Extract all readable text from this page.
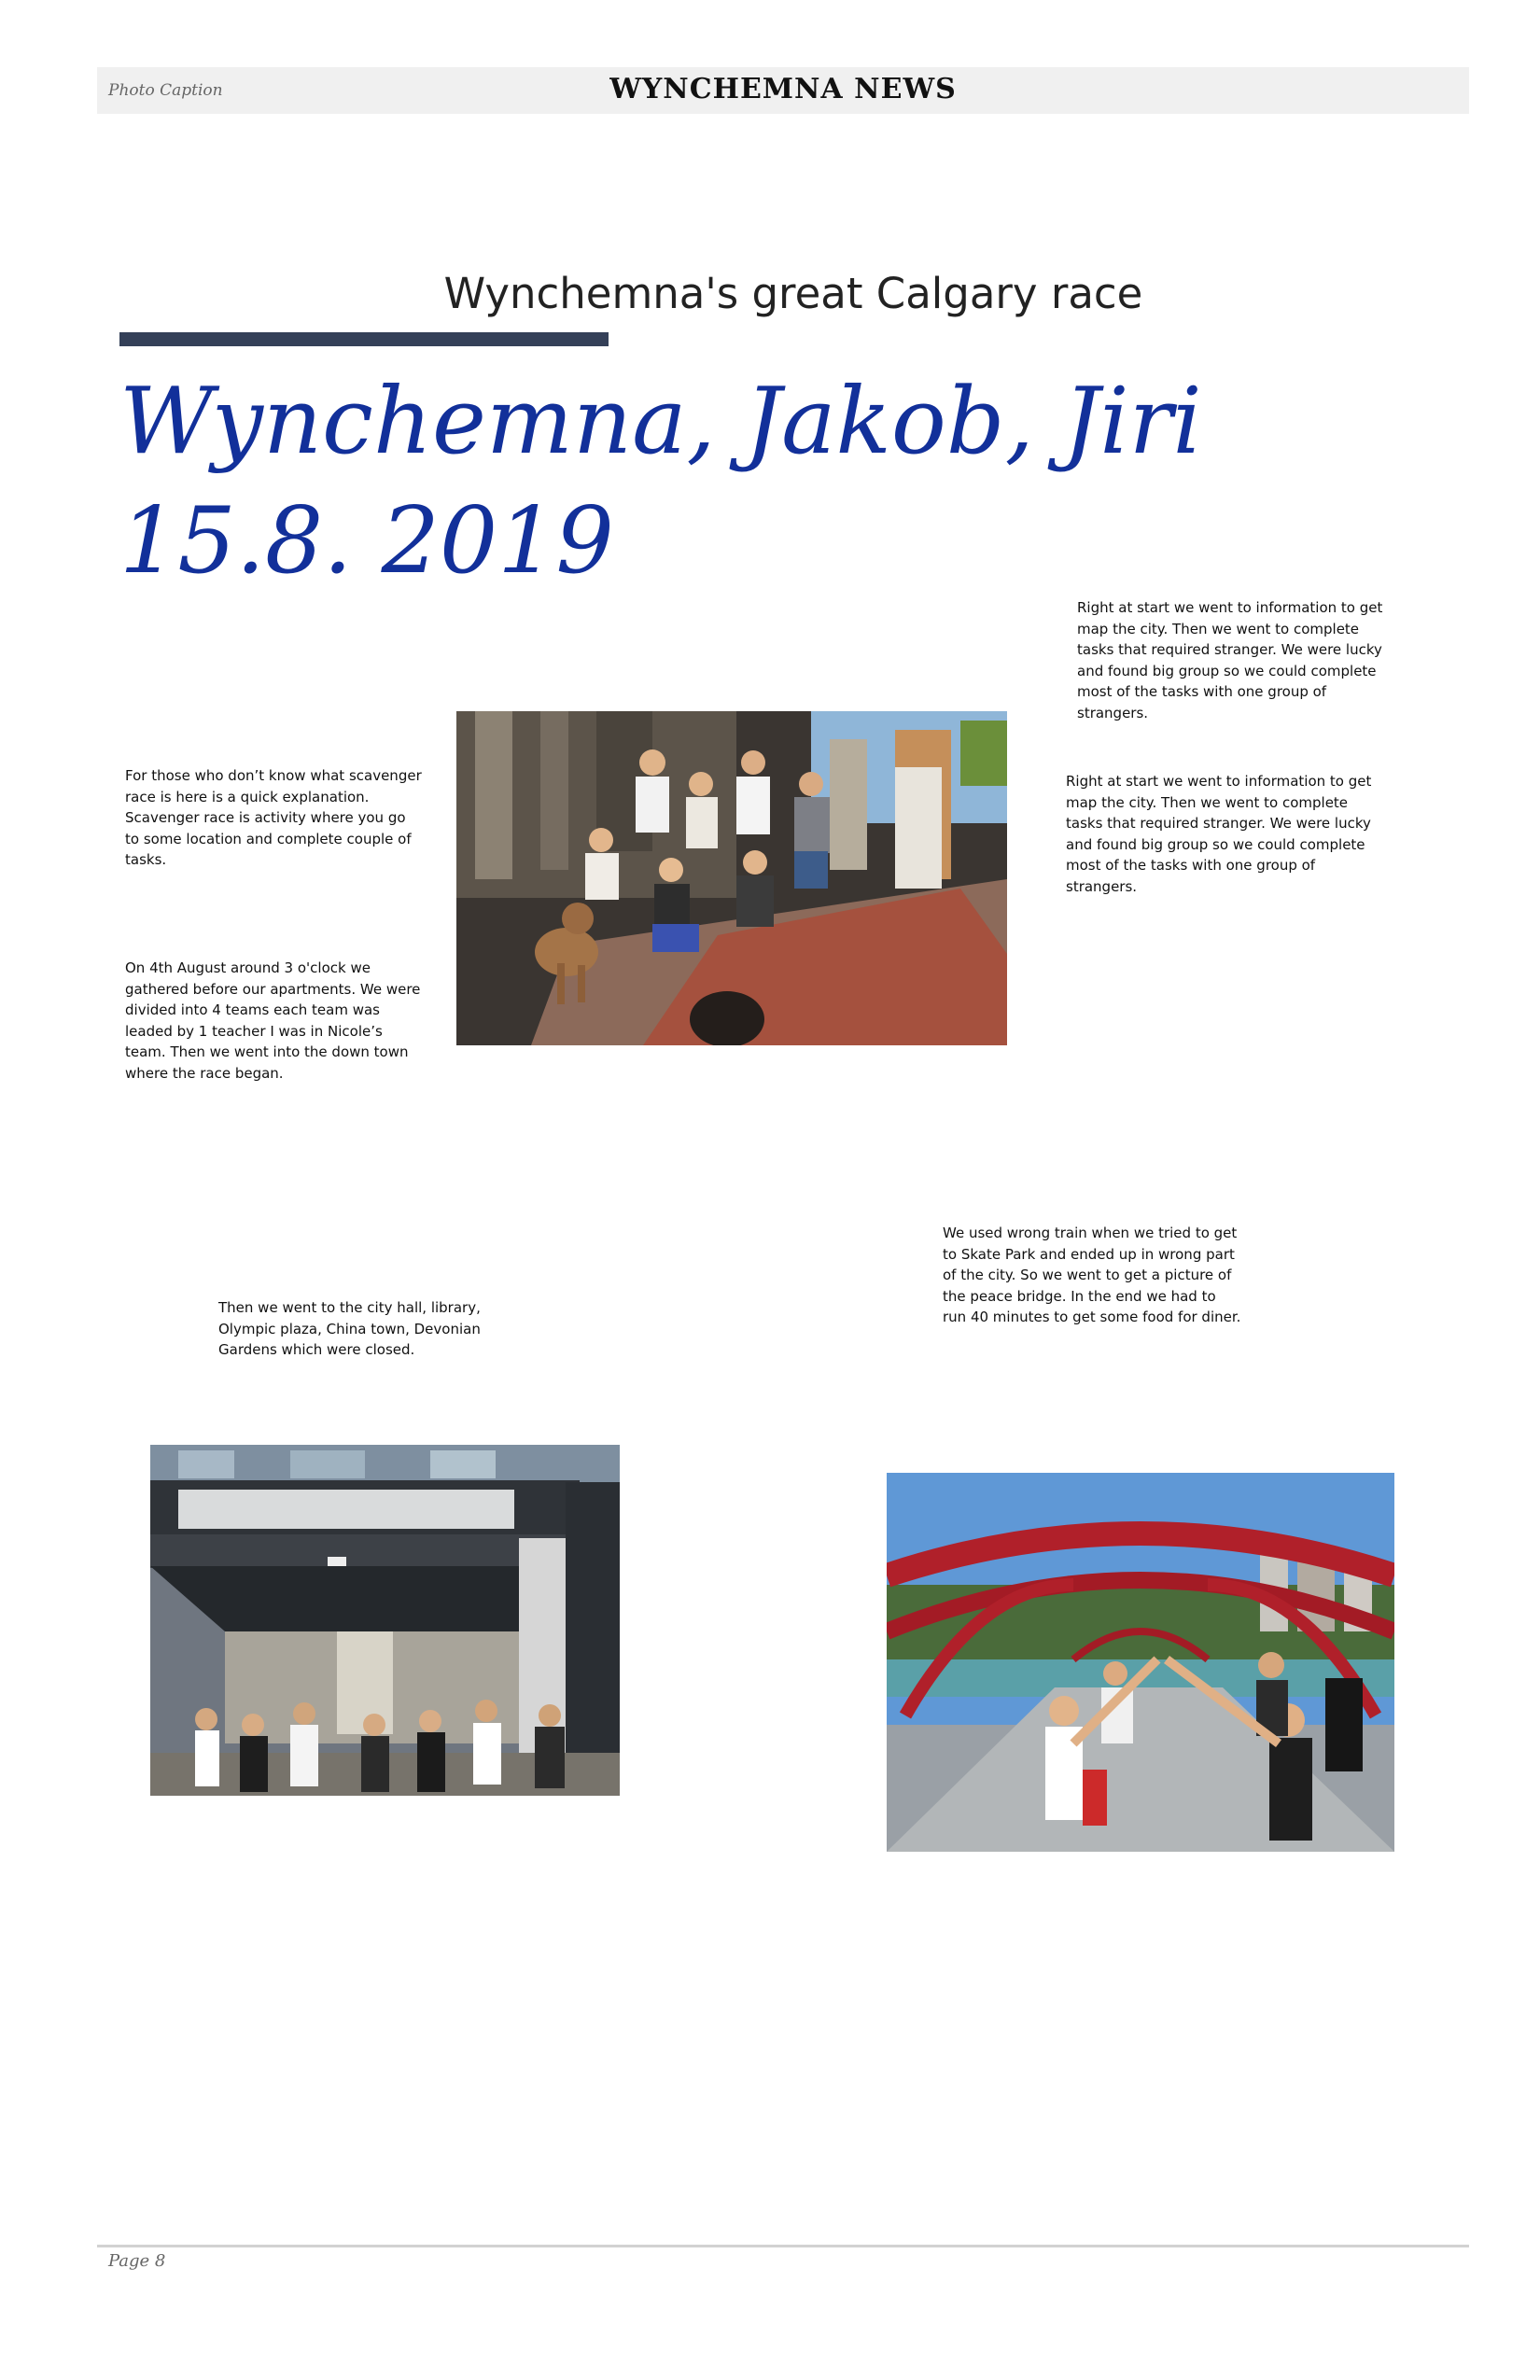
Photo Caption	WYNCHEMNA NEWS
Wynchemna's great Calgary race
Wynchemna, Jakob, Jiri
15.8. 2019

Right at start we went to information to get map the city. Then we went to complete tasks that required stranger. We were lucky and found big group so we could complete most of the tasks with one group of strangers.

Right at start we went to information to get map the city. Then we went to complete tasks that required stranger. We were lucky and found big group so we could complete most of the tasks with one group of strangers.

For those who don’t know what scavenger race is here is a quick explanation. Scavenger race is activity where you go to some location and complete couple of tasks.

On 4th August around 3 o'clock we gathered before our apartments. We were divided into 4 teams each team was leaded by 1 teacher I was in Nicole’s team. Then we went into the down town where the race began.

Then we went to the city hall, library, Olympic plaza, China town, Devonian Gardens which were closed.

We used wrong train when we tried to get to Skate Park and ended up in wrong part of the city. So we went to get a picture of the peace bridge. In the end we had to run 40 minutes to get some food for diner.

Page 8
